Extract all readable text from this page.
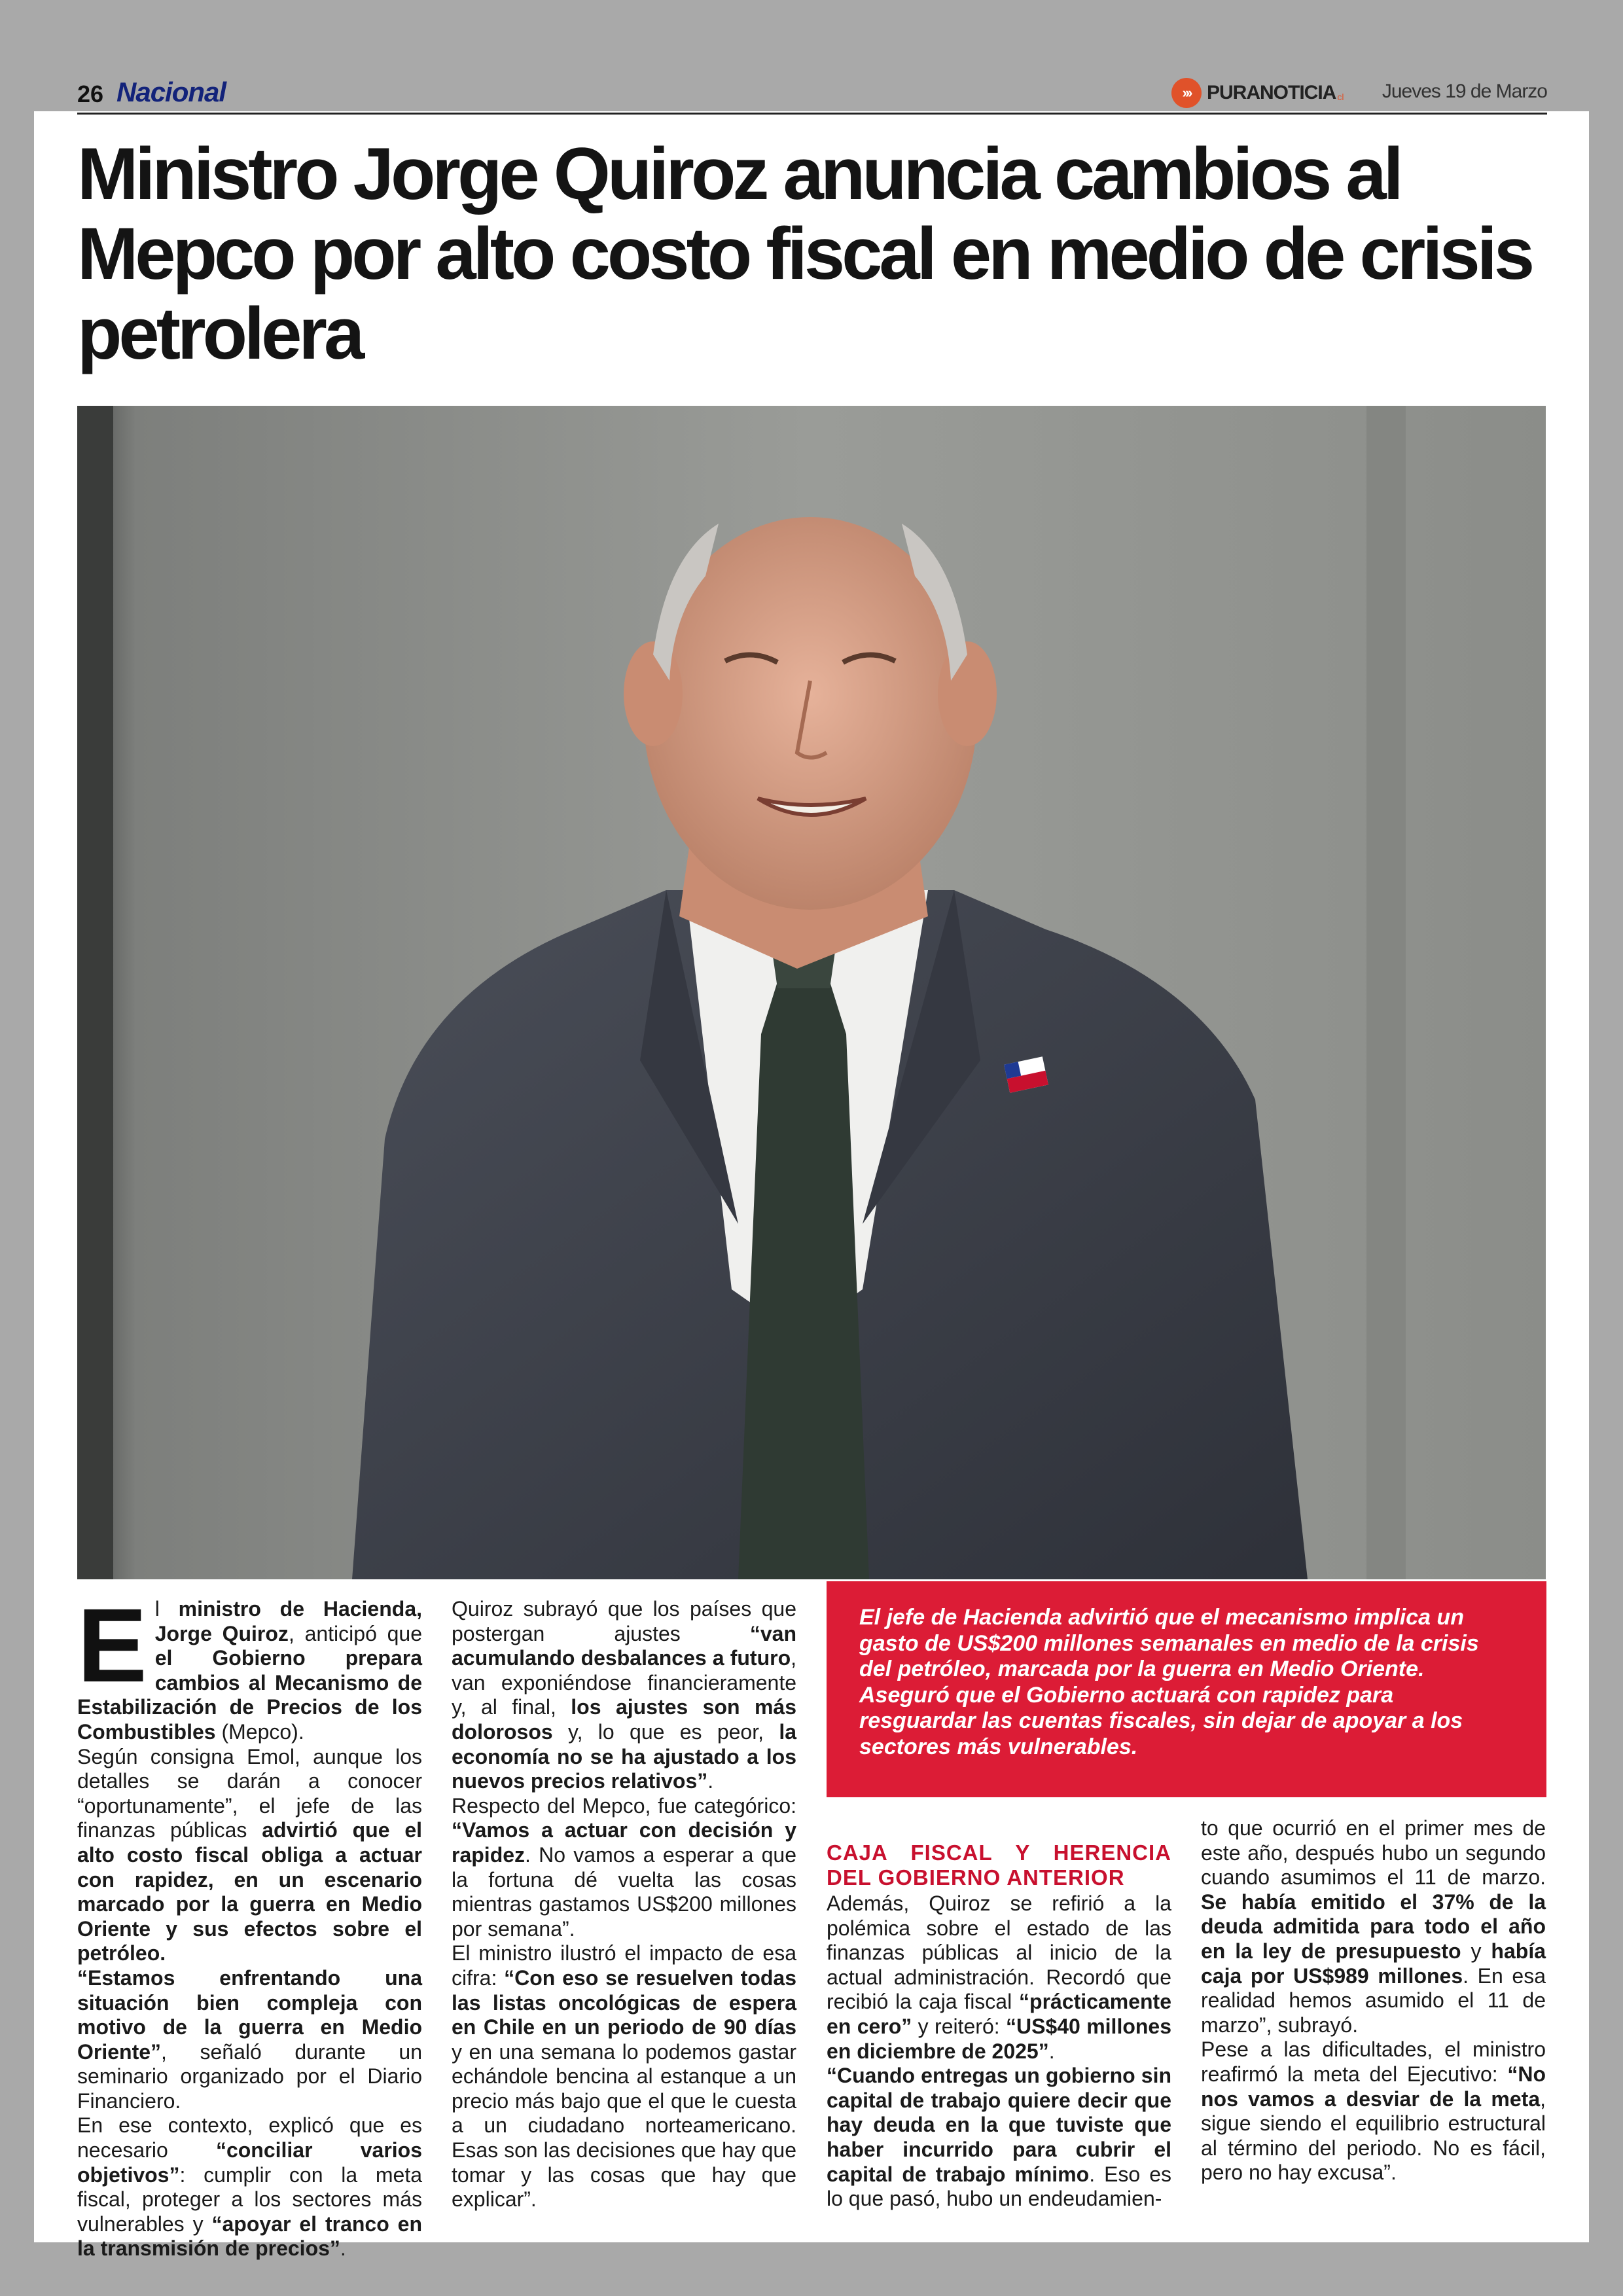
26 Nacional	››› PURANOTICIA cl Jueves 19 de Marzo
Ministro Jorge Quiroz anuncia cambios al Mepco por alto costo fiscal en medio de crisis petrolera
E l ministro de Hacienda, Jorge Quiroz, anticipó que el Gobierno prepara cambios al Mecanismo de Estabilización de Precios de los Combustibles (Mepco).

Según consigna Emol, aunque los detalles se darán a conocer “oportunamente”, el jefe de las finanzas públicas advirtió que el alto costo fiscal obliga a actuar con rapidez, en un escenario marcado por la guerra en Medio Oriente y sus efectos sobre el petróleo.

“Estamos enfrentando una situación bien compleja con motivo de la guerra en Medio Oriente”, señaló durante un seminario organizado por el Diario Financiero.

En ese contexto, explicó que es necesario “conciliar varios objetivos”: cumplir con la meta fiscal, proteger a los sectores más vulnerables y “apoyar el tranco en la transmisión de precios”.

Quiroz subrayó que los países que postergan ajustes “van acumulando desbalances a futuro, van exponiéndose financieramente y, al final, los ajustes son más dolorosos y, lo que es peor, la economía no se ha ajustado a los nuevos precios relativos”.

Respecto del Mepco, fue categórico: “Vamos a actuar con decisión y rapidez. No vamos a esperar a que la fortuna dé vuelta las cosas mientras gastamos US$200 millones por semana”.

El ministro ilustró el impacto de esa cifra: “Con eso se resuelven todas las listas oncológicas de espera en Chile en un periodo de 90 días y en una semana lo podemos gastar echándole bencina al estanque a un precio más bajo que el que le cuesta a un ciudadano norteamericano. Esas son las decisiones que hay que tomar y las cosas que hay que explicar”.

El jefe de Hacienda advirtió que el mecanismo implica un gasto de US$200 millones semanales en medio de la crisis del petróleo, marcada por la guerra en Medio Oriente. Aseguró que el Gobierno actuará con rapidez para resguardar las cuentas fiscales, sin dejar de apoyar a los sectores más vulnerables.

CAJA FISCAL Y HERENCIA DEL GOBIERNO ANTERIOR

Además, Quiroz se refirió a la polémica sobre el estado de las finanzas públicas al inicio de la actual administración. Recordó que recibió la caja fiscal “prácticamente en cero” y reiteró: “US$40 millones en diciembre de 2025”.

“Cuando entregas un gobierno sin capital de trabajo quiere decir que hay deuda en la que tuviste que haber incurrido para cubrir el capital de trabajo mínimo. Eso es lo que pasó, hubo un endeudamien-

to que ocurrió en el primer mes de este año, después hubo un segundo cuando asumimos el 11 de marzo. Se había emitido el 37% de la deuda admitida para todo el año en la ley de presupuesto y había caja por US$989 millones. En esa realidad hemos asumido el 11 de marzo”, subrayó.

Pese a las dificultades, el ministro reafirmó la meta del Ejecutivo: “No nos vamos a desviar de la meta, sigue siendo el equilibrio estructural al término del periodo. No es fácil, pero no hay excusa”.
